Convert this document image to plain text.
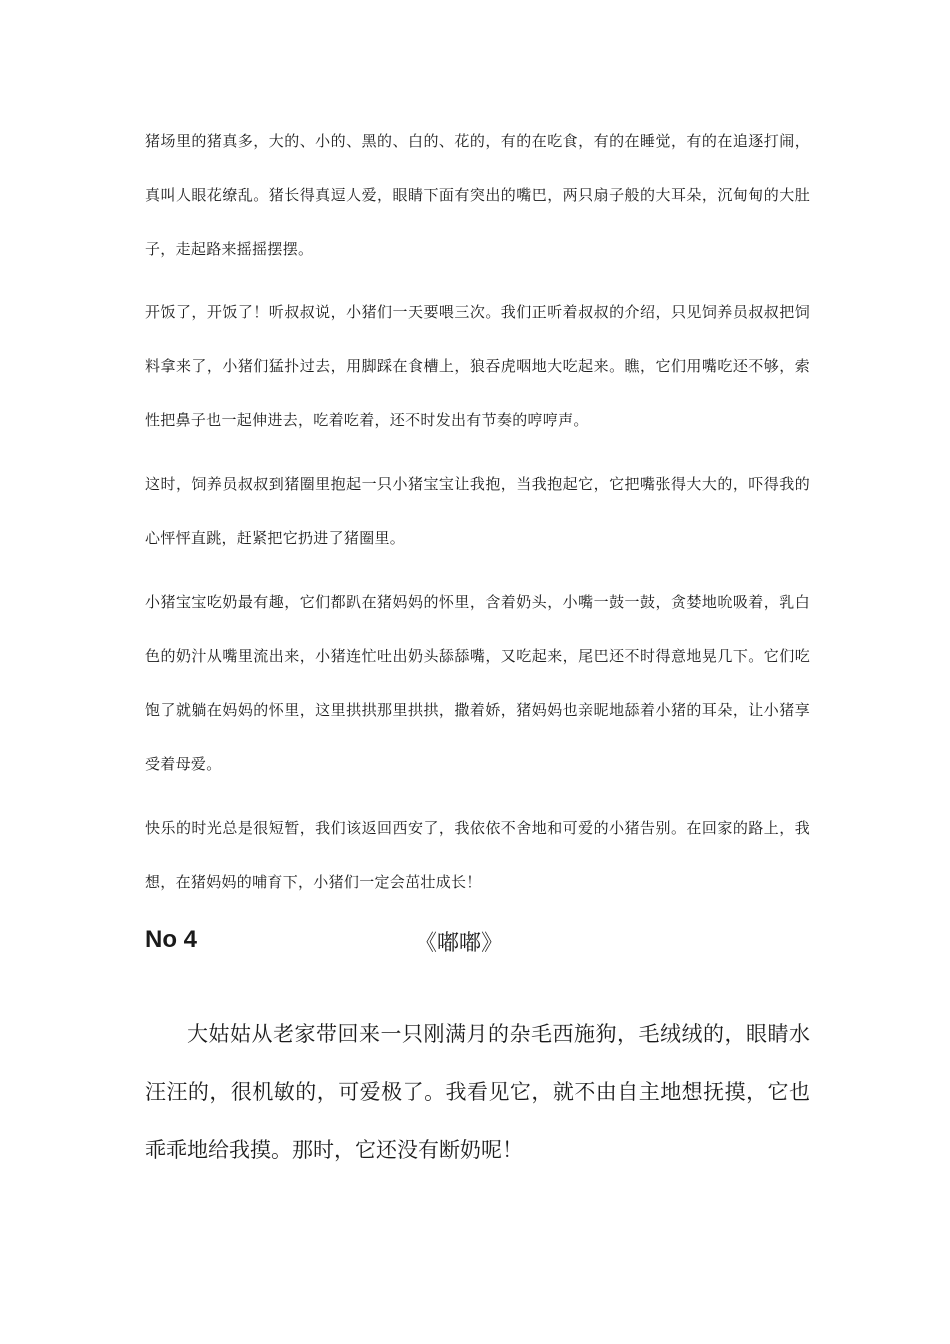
猪场里的猪真多，大的、小的、黑的、白的、花的，有的在吃食，有的在睡觉，有的在追逐打闹，真叫人眼花缭乱。猪长得真逗人爱，眼睛下面有突出的嘴巴，两只扇子般的大耳朵，沉甸甸的大肚子，走起路来摇摇摆摆。

开饭了，开饭了！听叔叔说，小猪们一天要喂三次。我们正听着叔叔的介绍，只见饲养员叔叔把饲料拿来了，小猪们猛扑过去，用脚踩在食槽上，狼吞虎咽地大吃起来。瞧，它们用嘴吃还不够，索性把鼻子也一起伸进去，吃着吃着，还不时发出有节奏的哼哼声。

这时，饲养员叔叔到猪圈里抱起一只小猪宝宝让我抱，当我抱起它，它把嘴张得大大的，吓得我的心怦怦直跳，赶紧把它扔进了猪圈里。

小猪宝宝吃奶最有趣，它们都趴在猪妈妈的怀里，含着奶头，小嘴一鼓一鼓，贪婪地吮吸着，乳白色的奶汁从嘴里流出来，小猪连忙吐出奶头舔舔嘴，又吃起来，尾巴还不时得意地晃几下。它们吃饱了就躺在妈妈的怀里，这里拱拱那里拱拱，撒着娇，猪妈妈也亲昵地舔着小猪的耳朵，让小猪享受着母爱。

快乐的时光总是很短暂，我们该返回西安了，我依依不舍地和可爱的小猪告别。在回家的路上，我想，在猪妈妈的哺育下，小猪们一定会茁壮成长！

No 4	《嘟嘟》

大姑姑从老家带回来一只刚满月的杂毛西施狗，毛绒绒的，眼睛水汪汪的，很机敏的，可爱极了。我看见它，就不由自主地想抚摸，它也乖乖地给我摸。那时，它还没有断奶呢！
